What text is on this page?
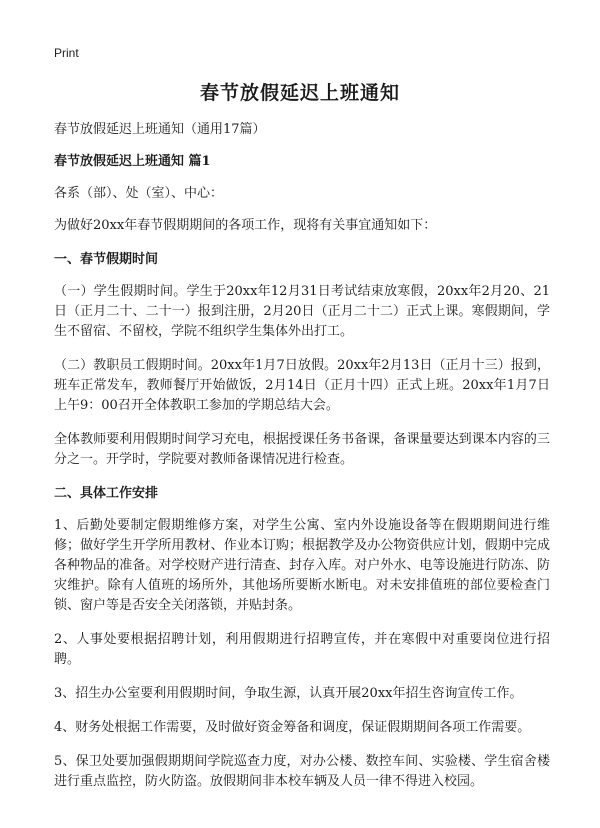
Print
春节放假延迟上班通知

春节放假延迟上班通知（通用17篇）

春节放假延迟上班通知 篇1

各系（部）、处（室）、中心：

为做好20xx年春节假期期间的各项工作，现将有关事宜通知如下：

一、春节假期时间

（一）学生假期时间。学生于20xx年12月31日考试结束放寒假，20xx年2月20、21日（正月二十、二十一）报到注册，2月20日（正月二十二）正式上课。寒假期间，学生不留宿、不留校，学院不组织学生集体外出打工。

（二）教职员工假期时间。20xx年1月7日放假。20xx年2月13日（正月十三）报到，班车正常发车，教师餐厅开始做饭，2月14日（正月十四）正式上班。20xx年1月7日上午9：00召开全体教职工参加的学期总结大会。

全体教师要利用假期时间学习充电，根据授课任务书备课，备课量要达到课本内容的三分之一。开学时，学院要对教师备课情况进行检查。

二、具体工作安排

1、后勤处要制定假期维修方案，对学生公寓、室内外设施设备等在假期期间进行维修；做好学生开学所用教材、作业本订购；根据教学及办公物资供应计划，假期中完成各种物品的准备。对学校财产进行清查、封存入库。对户外水、电等设施进行防冻、防灾维护。除有人值班的场所外，其他场所要断水断电。对未安排值班的部位要检查门锁、窗户等是否安全关闭落锁，并贴封条。

2、人事处要根据招聘计划，利用假期进行招聘宣传，并在寒假中对重要岗位进行招聘。

3、招生办公室要利用假期时间，争取生源，认真开展20xx年招生咨询宣传工作。

4、财务处根据工作需要，及时做好资金筹备和调度，保证假期期间各项工作需要。

5、保卫处要加强假期期间学院巡查力度，对办公楼、数控车间、实验楼、学生宿舍楼进行重点监控，防火防盗。放假期间非本校车辆及人员一律不得进入校园。
